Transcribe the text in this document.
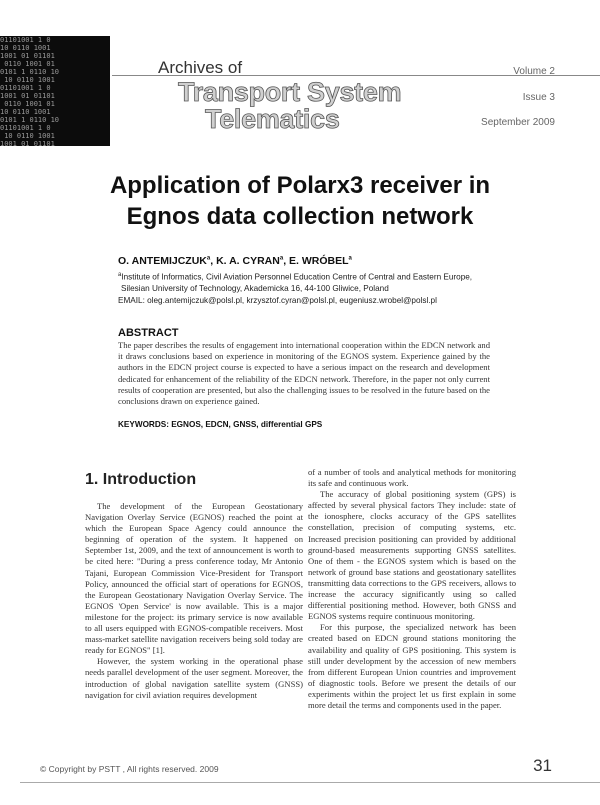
01101001 1 0
10 0110 1001
1001 01 01101
0110 1001 01
0101 1 0110 10
10 0110 1001
01101001 1 0
1001 01 01101
0110 1001 01
10 0110 1001
0101 1 0110 10
01101001 1 0
10 0110 1001
1001 01 01101
Archives of
Transport System
Telematics
Volume 2
Issue 3
September 2009
Application of Polarx3 receiver in
Egnos data collection network
O. ANTEMIJCZUK$^a$, K. A. CYRAN$^a$, E. WRÓBEL$^a$
$^a$Institute of Informatics, Civil Aviation Personnel Education Centre of Central and Eastern Europe,
Silesian University of Technology, Akademicka 16, 44-100 Gliwice, Poland
EMAIL: oleg.antemijczuk@polsl.pl, krzysztof.cyran@polsl.pl, eugeniusz.wrobel@polsl.pl
ABSTRACT
The paper describes the results of engagement into international cooperation within the EDCN network and it draws conclusions based on experience in monitoring of the EGNOS system. Experience gained by the authors in the EDCN project course is expected to have a serious impact on the research and development dedicated for enhancement of the reliability of the EDCN network. Therefore, in the paper not only current results of cooperation are presented, but also the challenging issues to be resolved in the future based on the conclusions drawn on experience gained.
KEYWORDS: EGNOS, EDCN, GNSS, differential GPS
1. Introduction

The development of the European Geostationary Navigation Overlay Service (EGNOS) reached the point at which the European Space Agency could announce the beginning of operation of the system. It happened on September 1st, 2009, and the text of announcement is worth to be cited here: "During a press conference today, Mr Antonio Tajani, European Commission Vice-President for Transport Policy, announced the official start of operations for EGNOS, the European Geostationary Navigation Overlay Service. The EGNOS 'Open Service' is now available. This is a major milestone for the project: its primary service is now available to all users equipped with EGNOS-compatible receivers. Most mass-market satellite navigation receivers being sold today are ready for EGNOS" [1].

However, the system working in the operational phase needs parallel development of the user segment. Moreover, the introduction of global navigation satellite system (GNSS) navigation for civil aviation requires development

of a number of tools and analytical methods for monitoring its safe and continuous work.

The accuracy of global positioning system (GPS) is affected by several physical factors They include: state of the ionosphere, clocks accuracy of the GPS satellites constellation, precision of computing systems, etc. Increased precision positioning can provided by additional ground-based measurements supporting GNSS satellites. One of them - the EGNOS system which is based on the network of ground base stations and geostationary satellites transmitting data corrections to the GPS receivers, allows to increase the accuracy significantly using so called differential positioning method. However, both GNSS and EGNOS systems require continuous monitoring.

For this purpose, the specialized network has been created based on EDCN ground stations monitoring the availability and quality of GPS positioning. This system is still under development by the accession of new members from different European Union countries and improvement of diagnostic tools. Before we present the details of our experiments within the project let us first explain in some more detail the terms and components used in the paper.

© Copyright by PSTT , All rights reserved. 2009	31
